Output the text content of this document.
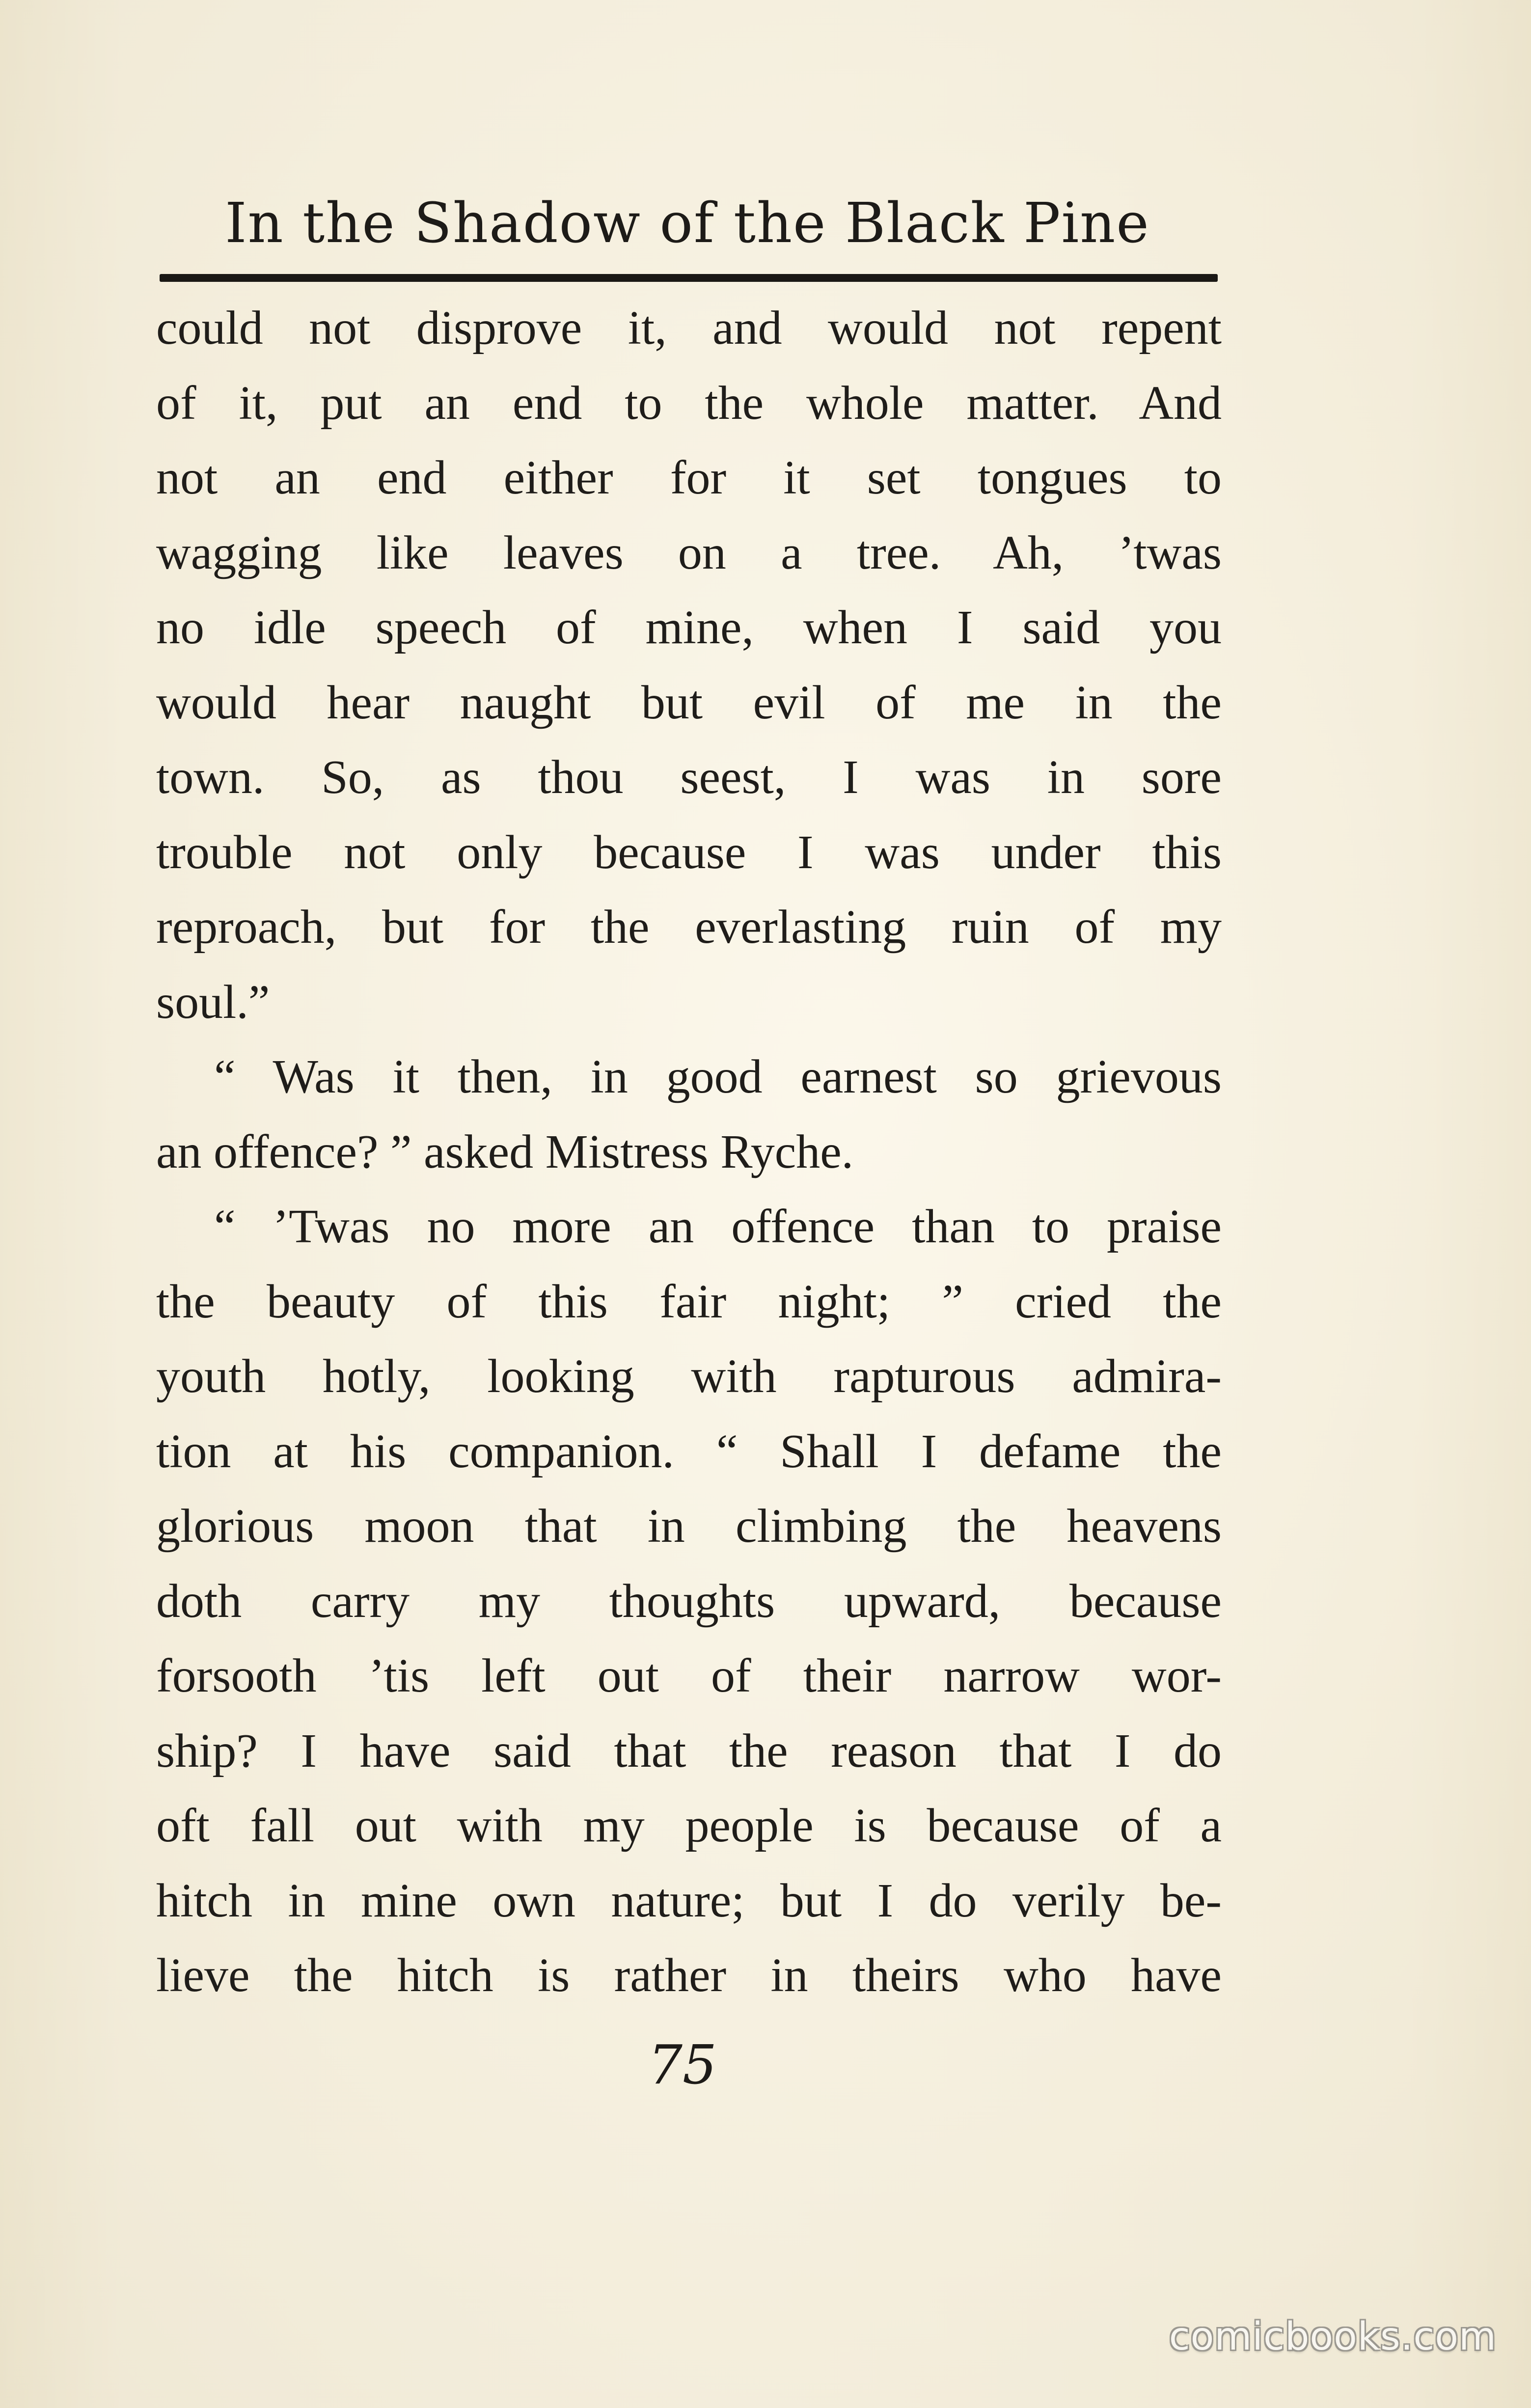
In the Shadow of the Black Pine
could not disprove it, and would not repent
of it, put an end to the whole matter. And
not an end either for it set tongues to
wagging like leaves on a tree. Ah, ’twas
no idle speech of mine, when I said you
would hear naught but evil of me in the
town. So, as thou seest, I was in sore
trouble not only because I was under this
reproach, but for the everlasting ruin of my
soul.”
“ Was it then, in good earnest so grievous
an offence? ” asked Mistress Ryche.
“ ’Twas no more an offence than to praise
the beauty of this fair night; ” cried the
youth hotly, looking with rapturous admira-
tion at his companion. “ Shall I defame the
glorious moon that in climbing the heavens
doth carry my thoughts upward, because
forsooth ’tis left out of their narrow wor-
ship? I have said that the reason that I do
oft fall out with my people is because of a
hitch in mine own nature; but I do verily be-
lieve the hitch is rather in theirs who have
75
comicbooks.com
